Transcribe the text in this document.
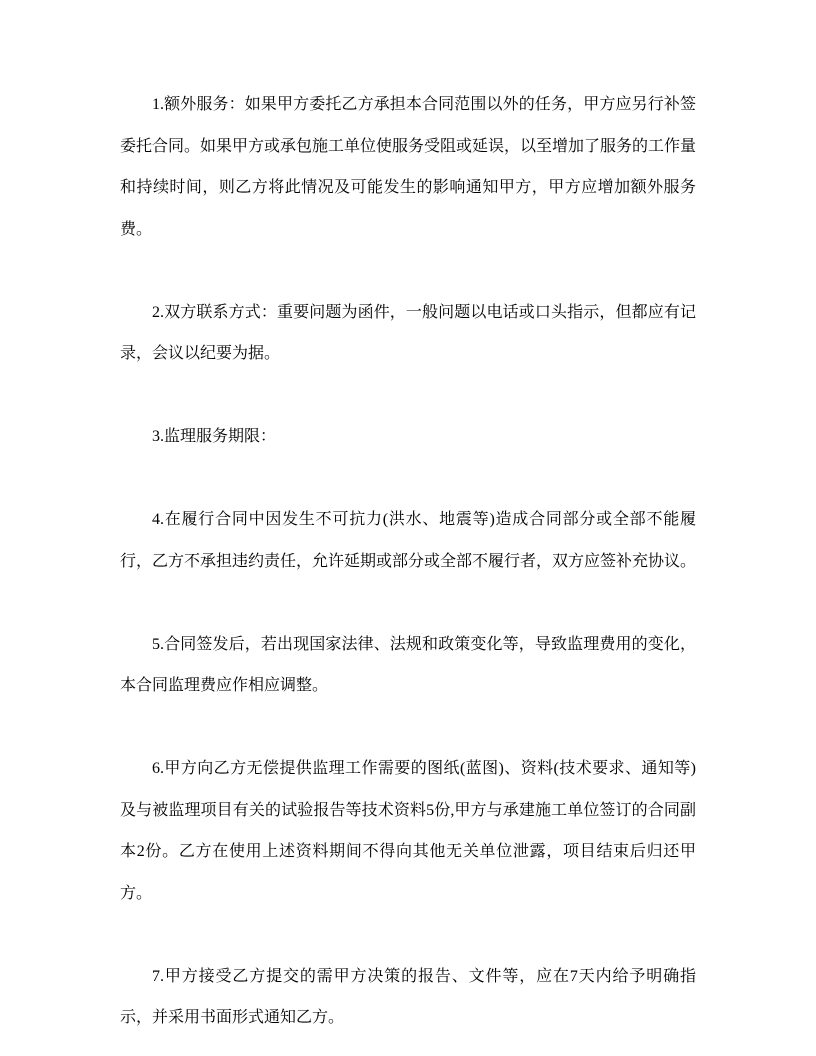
1.额外服务：如果甲方委托乙方承担本合同范围以外的任务，甲方应另行补签委托合同。如果甲方或承包施工单位使服务受阻或延误，以至增加了服务的工作量和持续时间，则乙方将此情况及可能发生的影响通知甲方，甲方应增加额外服务费。

2.双方联系方式：重要问题为函件，一般问题以电话或口头指示，但都应有记录，会议以纪要为据。

3.监理服务期限：

4.在履行合同中因发生不可抗力(洪水、地震等)造成合同部分或全部不能履行，乙方不承担违约责任，允许延期或部分或全部不履行者，双方应签补充协议。

5.合同签发后，若出现国家法律、法规和政策变化等，导致监理费用的变化，本合同监理费应作相应调整。

6.甲方向乙方无偿提供监理工作需要的图纸(蓝图)、资料(技术要求、通知等)及与被监理项目有关的试验报告等技术资料5份,甲方与承建施工单位签订的合同副本2份。乙方在使用上述资料期间不得向其他无关单位泄露，项目结束后归还甲方。

7.甲方接受乙方提交的需甲方决策的报告、文件等，应在7天内给予明确指示，并采用书面形式通知乙方。
